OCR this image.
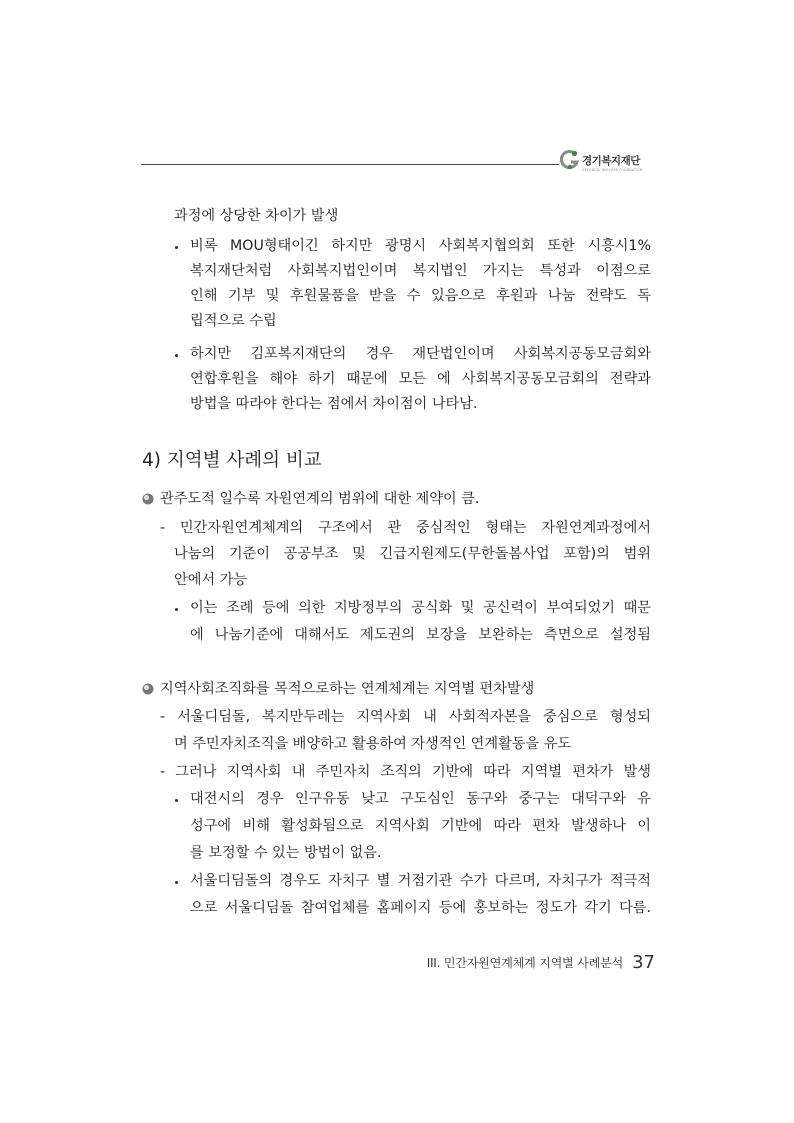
경기복지재단
GYEONGGI WELFARE FOUNDATION
과정에 상당한 차이가 발생
비록 MOU형태이긴 하지만 광명시 사회복지협의회 또한 시흥시1%
복지재단처럼 사회복지법인이며 복지법인 가지는 특성과 이점으로
인해 기부 및 후원물품을 받을 수 있음으로 후원과 나눔 전략도 독
립적으로 수립
하지만 김포복지재단의 경우 재단법인이며 사회복지공동모금회와
연합후원을 해야 하기 때문에 모든 에 사회복지공동모금회의 전략과
방법을 따라야 한다는 점에서 차이점이 나타남.
4) 지역별 사례의 비교
관주도적 일수록 자원연계의 범위에 대한 제약이 큼.
- 민간자원연계체계의 구조에서 관 중심적인 형태는 자원연계과정에서
나눔의 기준이 공공부조 및 긴급지원제도(무한돌봄사업 포함)의 범위
안에서 가능
이는 조례 등에 의한 지방정부의 공식화 및 공신력이 부여되었기 때문
에 나눔기준에 대해서도 제도권의 보장을 보완하는 측면으로 설정됨
지역사회조직화를 목적으로하는 연계체계는 지역별 편차발생
- 서울디딤돌, 복지만두레는 지역사회 내 사회적자본을 중심으로 형성되
며 주민자치조직을 배양하고 활용하여 자생적인 연계활동을 유도
- 그러나 지역사회 내 주민자치 조직의 기반에 따라 지역별 편차가 발생
대전시의 경우 인구유동 낮고 구도심인 동구와 중구는 대덕구와 유
성구에 비해 활성화됨으로 지역사회 기반에 따라 편차 발생하나 이
를 보정할 수 있는 방법이 없음.
서울디딤돌의 경우도 자치구 별 거점기관 수가 다르며, 자치구가 적극적
으로 서울디딤돌 참여업체를 홈페이지 등에 홍보하는 정도가 각기 다름.
III. 민간자원연계체계 지역별 사례분석 37
